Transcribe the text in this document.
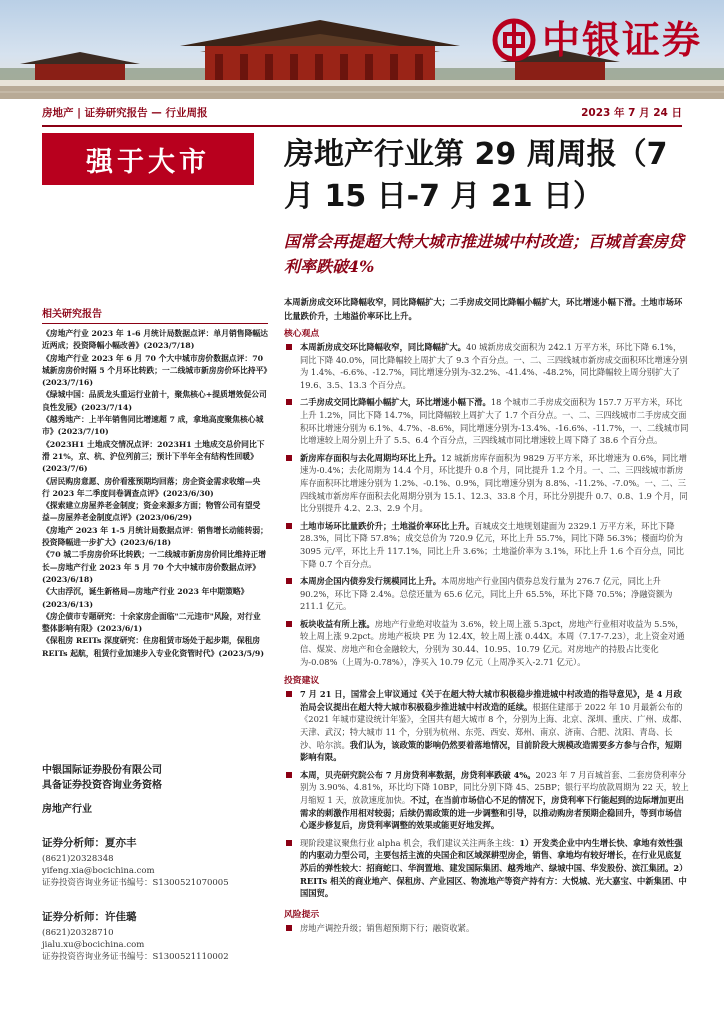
中银证券
房地产 | 证券研究报告 — 行业周报	2023 年 7 月 24 日
强于大市	房地产行业第 29 周周报（7 月 15 日-7 月 21 日）
国常会再提超大特大城市推进城中村改造；百城首套房贷利率跌破4%
相关研究报告
《房地产行业 2023 年 1-6 月统计局数据点评：单月销售降幅达近两成；投资降幅小幅改善》(2023/7/18)
《房地产行业 2023 年 6 月 70 个大中城市房价数据点评：70 城新房房价时隔 5 个月环比转跌；一二线城市新房房价环比持平》(2023/7/16)
《绿城中国：品质龙头重运行业前十，聚焦核心+提质增效促公司良性发展》(2023/7/14)
《越秀地产：上半年销售同比增速超 7 成，拿地高度聚焦核心城市》(2023/7/10)
《2023H1 土地成交情况点评：2023H1 土地成交总价同比下滑 21%，京、杭、沪位列前三；预计下半年全有结构性回暖》(2023/7/6)
《居民购房意愿、房价看涨预期均回落；房企资金需求收缩—央行 2023 年二季度问卷调查点评》(2023/6/30)
《探索建立房屋养老金制度；资金来源多方面；物管公司有望受益—房屋养老金制度点评》(2023/06/29)
《房地产 2023 年 1-5 月统计局数据点评：销售增长动能转弱；投资降幅进一步扩大》(2023/6/18)
《70 城二手房房价环比转跌；一二线城市新房房价同比维持正增长—房地产行业 2023 年 5 月 70 个大中城市房价数据点评》(2023/6/18)
《大由浮沉，诞生新格局—房地产行业 2023 年中期策略》(2023/6/13)
《房企债市专题研究：十余家房企面临"二元违市"风险，对行业整体影响有限》(2023/6/1)
《保租房 REITs 深度研究：住房租赁市场处于起步期，保租房 REITs 起航，租赁行业加速步入专业化资管时代》(2023/5/9)
中银国际证券股份有限公司
具备证券投资咨询业务资格
房地产行业
证券分析师：夏亦丰
(8621)20328348
yifeng.xia@bocichina.com
证券投资咨询业务证书编号：S1300521070005
证券分析师：许佳璐
(8621)20328710
jialu.xu@bocichina.com
证券投资咨询业务证书编号：S1300521110002

本周新房成交环比降幅收窄，同比降幅扩大；二手房成交同比降幅小幅扩大，环比增速小幅下滑。土地市场环比量跌价升，土地溢价率环比上升。

核心观点
本周新房成交环比降幅收窄，同比降幅扩大。40 城新房成交面积为 242.1 万平方米，环比下降 6.1%，同比下降 40.0%，同比降幅较上周扩大了 9.3 个百分点。一、二、三四线城市新房成交面积环比增速分别为 1.4%、-6.6%、-12.7%，同比增速分别为-32.2%、-41.4%、-48.2%，同比降幅较上周分别扩大了 19.6、3.5、13.3 个百分点。
二手房成交同比降幅小幅扩大，环比增速小幅下滑。18 个城市二手房成交面积为 157.7 万平方米，环比上升 1.2%，同比下降 14.7%，同比降幅较上周扩大了 1.7 个百分点。一、二、三四线城市二手房成交面积环比增速分别为 6.1%、4.7%、-8.6%，同比增速分别为-13.4%、-16.6%、-11.7%，一、二线城市同比增速较上周分别上升了 5.5、6.4 个百分点，三四线城市同比增速较上周下降了 38.6 个百分点。
新房库存面积与去化周期均环比上升。12 城新房库存面积为 9829 万平方米，环比增速为 0.6%，同比增速为-0.4%；去化周期为 14.4 个月，环比提升 0.8 个月，同比提升 1.2 个月。一、二、三四线城市新房库存面积环比增速分别为 1.2%、-0.1%、0.9%，同比增速分别为 8.8%、-11.2%、-7.0%。一、二、三四线城市新房库存面积去化周期分别为 15.1、12.3、33.8 个月，环比分别提升 0.7、0.8、1.9 个月，同比分别提升 4.2、2.3、2.9 个月。
土地市场环比量跌价升；土地溢价率环比上升。百城成交土地规划建面为 2329.1 万平方米，环比下降 28.3%，同比下降 57.8%；成交总价为 720.9 亿元，环比上升 55.7%，同比下降 56.3%；楼面均价为 3095 元/平，环比上升 117.1%，同比上升 3.6%；土地溢价率为 3.1%，环比上升 1.6 个百分点，同比下降 0.7 个百分点。
本周房企国内债券发行规模同比上升。本周房地产行业国内债券总发行量为 276.7 亿元，同比上升 90.2%，环比下降 2.4%。总偿还量为 65.6 亿元，同比上升 65.5%，环比下降 70.5%；净融资额为 211.1 亿元。
板块收益有所上涨。房地产行业绝对收益为 3.6%，较上周上涨 5.3pct，房地产行业相对收益为 5.5%，较上周上涨 9.2pct。房地产板块 PE 为 12.4X，较上周上涨 0.44X。本周（7.17-7.23），北上资金对通信、煤炭、房地产和仓金融较大，分别为 30.44、10.95、10.79 亿元。对房地产的持股占比变化为-0.08%（上周为-0.78%），净买入 10.79 亿元（上周净买入-2.71 亿元）。
投资建议
7 月 21 日，国常会上审议通过《关于在超大特大城市积极稳步推进城中村改造的指导意见》，是 4 月政治局会议提出在超大特大城市积极稳步推进城中村改造的延续。根据住建部于 2022 年 10 月最新公布的《2021 年城市建设统计年鉴》，全国共有超大城市 8 个，分别为上海、北京、深圳、重庆、广州、成都、天津、武汉；特大城市 11 个，分别为杭州、东莞、西安、郑州、南京、济南、合肥、沈阳、青岛、长沙、哈尔滨。我们认为，该政策的影响仍然要着落地情况，目前阶段大规模改造需要多方参与合作，短期影响有限。
本周，贝壳研究院公布 7 月房贷利率数据，房贷利率跌破 4%。2023 年 7 月百城首套、二套房贷利率分别为 3.90%、4.81%，环比均下降 10BP，同比分别下降 45、25BP；银行平均放款周期为 22 天，较上月缩短 1 天，放款速度加快。不过，在当前市场信心不足的情况下，房贷利率下行能起到的边际增加更出需求的刺激作用相对较弱；后续仍需政策的进一步调整和引导，以推动购房者预期企稳回升，等到市场信心逐步修复后，房贷利率调整的效果或能更好地发挥。
现阶段建议聚焦行业 alpha 机会，我们建议关注两条主线：1）开发类企业中内生增长快、拿地有效性强的内驱动力型公司，主要包括主流的央国企和区域深耕型房企，销售、拿地均有较好增长，在行业见底复苏后的弹性较大：招商蛇口、华润置地、建发国际集团、越秀地产、绿城中国、华发股份、滨江集团。2）REITs 相关的商业地产、保租房、产业园区、物流地产等资产持有方：大悦城、光大嘉宝、中新集团、中国国贸。
风险提示
房地产调控升级；销售超预期下行；融资收紧。
